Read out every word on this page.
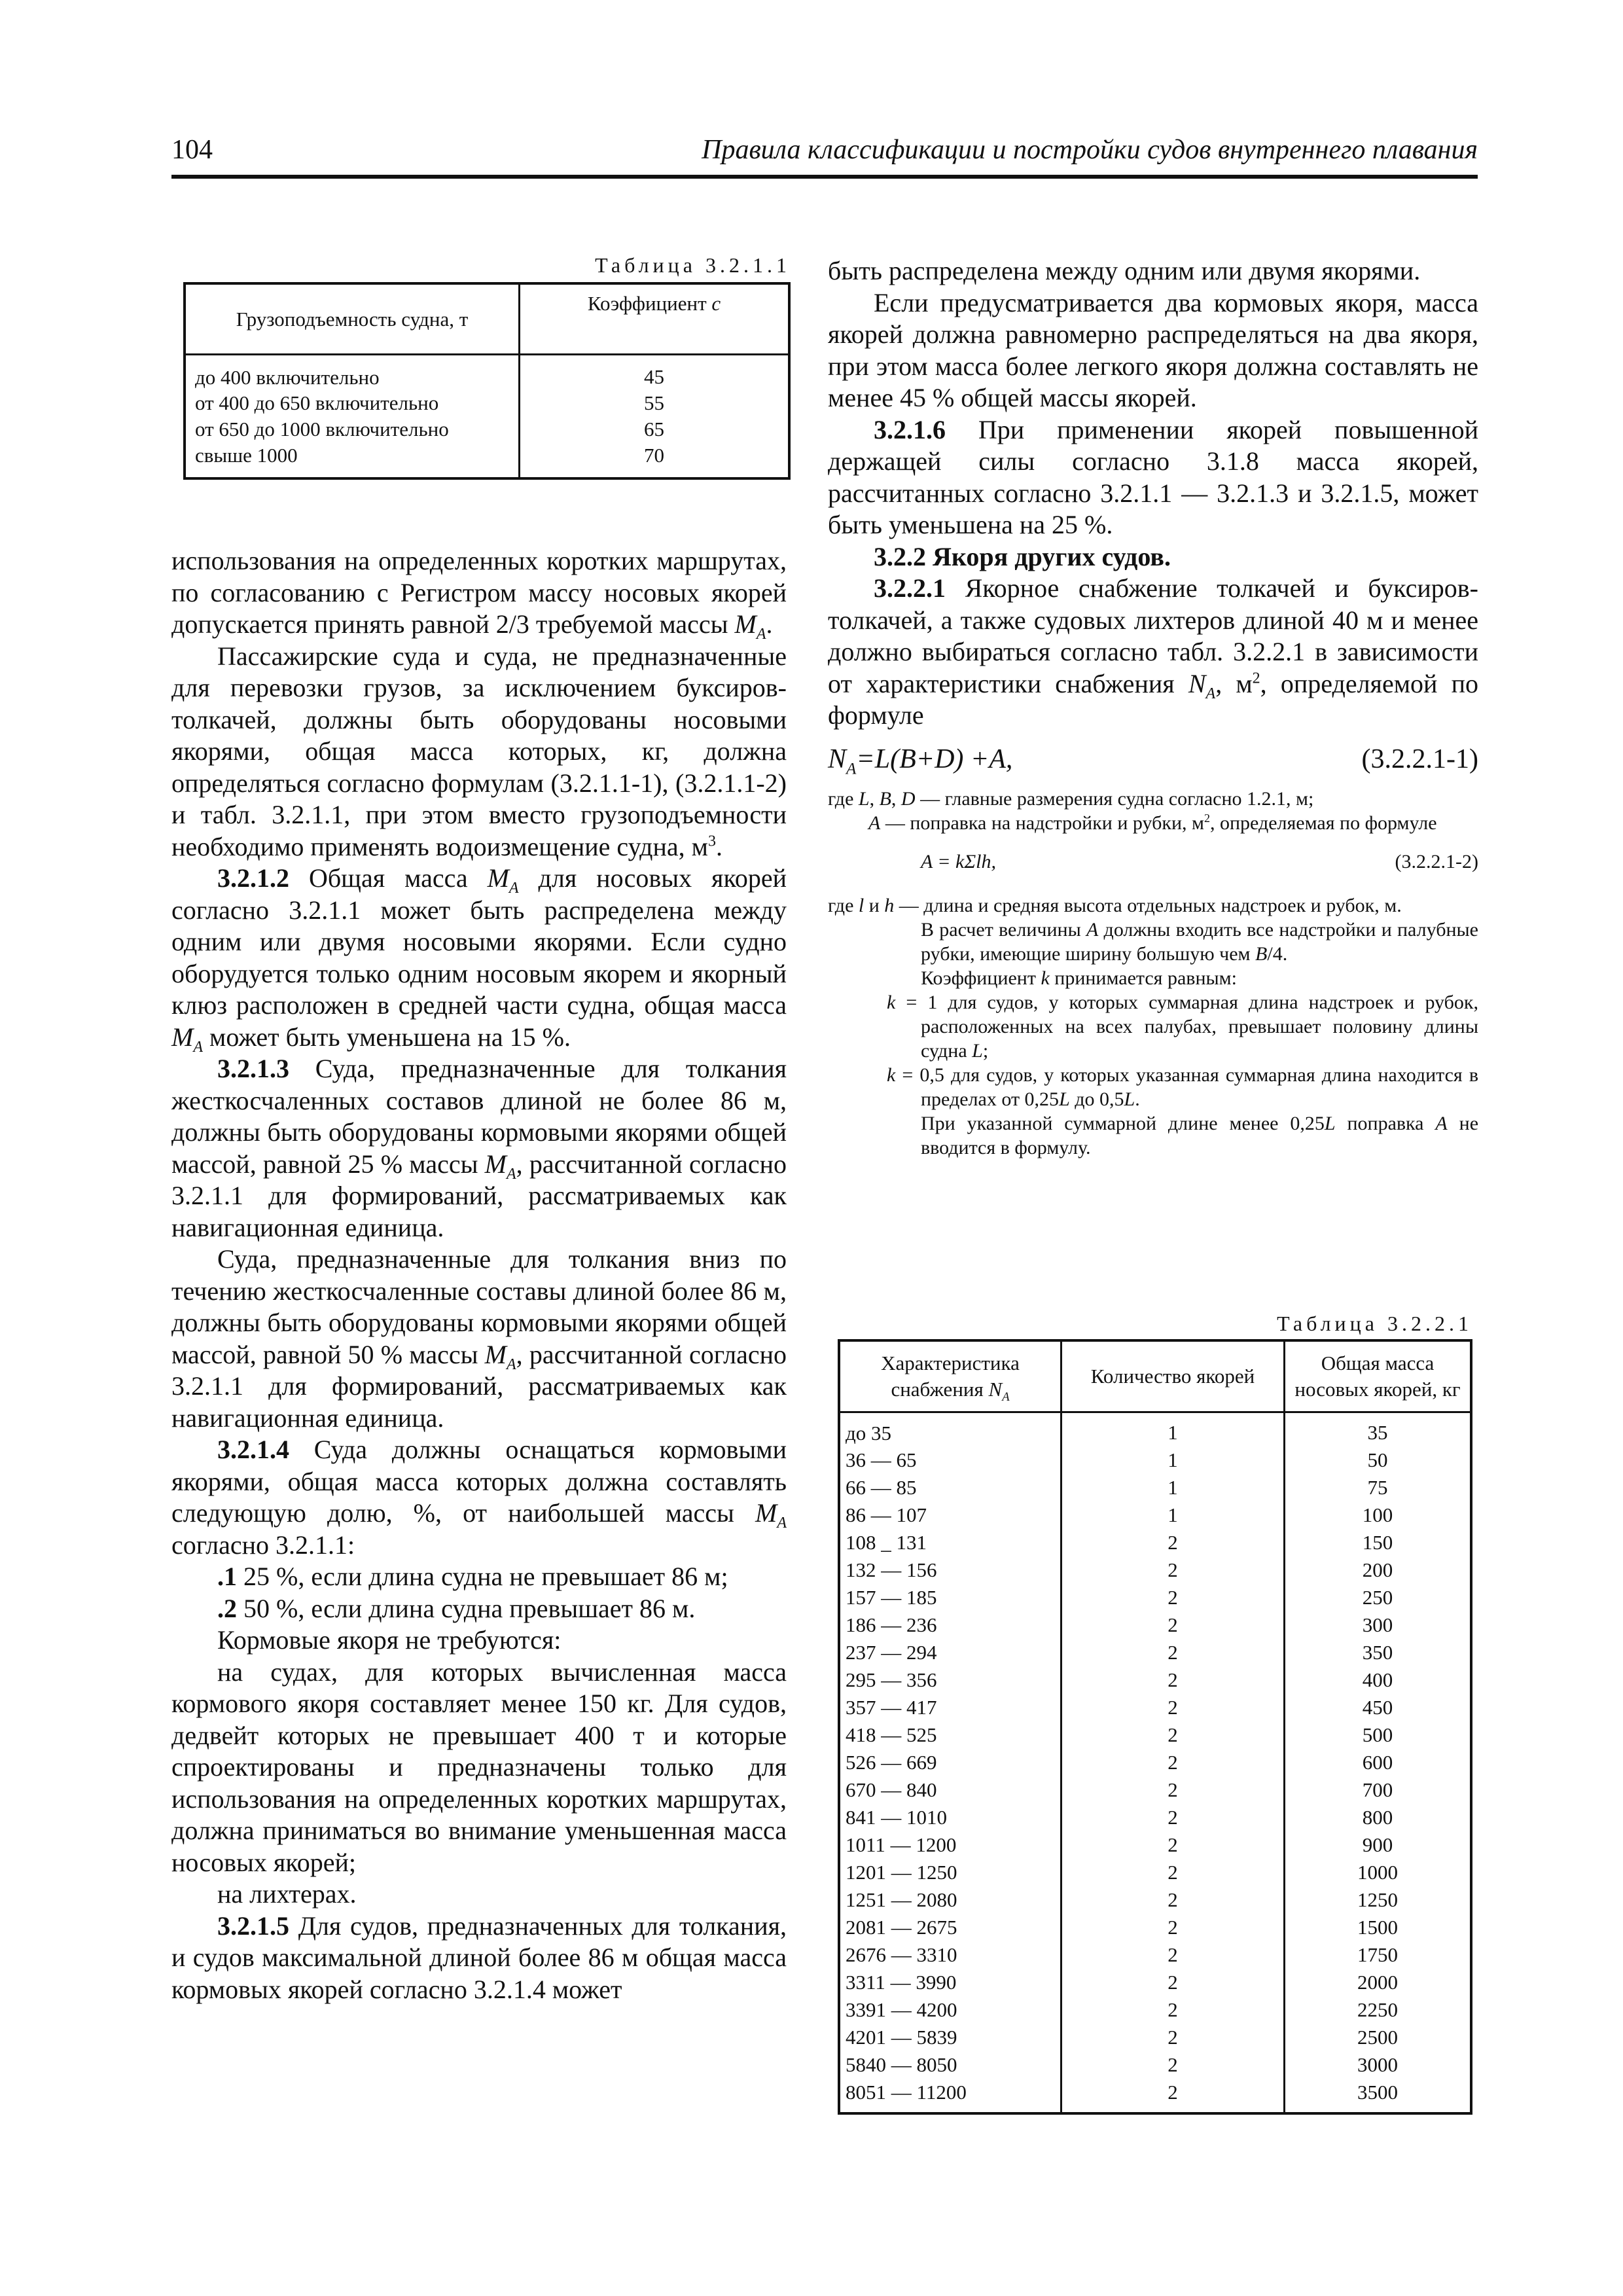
104	Правила классификации и постройки судов внутреннего плавания
Таблица 3.2.1.1
Грузоподъемность судна, т	Коэффициент c
до 400 включительно	45
от 400 до 650 включительно	55
от 650 до 1000 включительно	65
свыше 1000	70

использования на определенных коротких маршрутах, по согласованию с Регистром массу носовых якорей допускается принять равной 2/3 требуемой массы $M_A$.

Пассажирские суда и суда, не предназначенные для перевозки грузов, за исключением буксиров-толкачей, должны быть оборудованы носовыми якорями, общая масса которых, кг, должна определяться согласно формулам (3.2.1.1-1), (3.2.1.1-2) и табл. 3.2.1.1, при этом вместо грузоподъемности необходимо применять водоизмещение судна, $м^3$.

3.2.1.2 Общая масса $M_A$ для носовых якорей согласно 3.2.1.1 может быть распределена между одним или двумя носовыми якорями. Если судно оборудуется только одним носовым якорем и якорный клюз расположен в средней части судна, общая масса $M_A$ может быть уменьшена на 15 %.

3.2.1.3 Суда, предназначенные для толкания жесткосчаленных составов длиной не более 86 м, должны быть оборудованы кормовыми якорями общей массой, равной 25 % массы $M_A$, рассчитанной согласно 3.2.1.1 для формирований, рассматриваемых как навигационная единица.

Суда, предназначенные для толкания вниз по течению жесткосчаленные составы длиной более 86 м, должны быть оборудованы кормовыми якорями общей массой, равной 50 % массы $M_A$, рассчитанной согласно 3.2.1.1 для формирований, рассматриваемых как навигационная единица.

3.2.1.4 Суда должны оснащаться кормовыми якорями, общая масса которых должна составлять следующую долю, %, от наибольшей массы $M_A$ согласно 3.2.1.1:

.1 25 %, если длина судна не превышает 86 м;

.2 50 %, если длина судна превышает 86 м.

Кормовые якоря не требуются:

на судах, для которых вычисленная масса кормового якоря составляет менее 150 кг. Для судов, дедвейт которых не превышает 400 т и которые спроектированы и предназначены только для использования на определенных коротких маршрутах, должна приниматься во внимание уменьшенная масса носовых якорей;

на лихтерах.

3.2.1.5 Для судов, предназначенных для толкания, и судов максимальной длиной более 86 м общая масса кормовых якорей согласно 3.2.1.4 может

быть распределена между одним или двумя якорями.

Если предусматривается два кормовых якоря, масса якорей должна равномерно распределяться на два якоря, при этом масса более легкого якоря должна составлять не менее 45 % общей массы якорей.

3.2.1.6 При применении якорей повышенной держащей силы согласно 3.1.8 масса якорей, рассчитанных согласно 3.2.1.1 — 3.2.1.3 и 3.2.1.5, может быть уменьшена на 25 %.

3.2.2 Якоря других судов.

3.2.2.1 Якорное снабжение толкачей и буксиров-толкачей, а также судовых лихтеров длиной 40 м и менее должно выбираться согласно табл. 3.2.2.1 в зависимости от характеристики снабжения $N_A$, $м^2$, определяемой по формуле

$N_A=L(B+D) +A$,	(3.2.2.1-1)

где L, B, D — главные размерения судна согласно 1.2.1, м;

A — поправка на надстройки и рубки, $м^2$, определяемая по формуле

A = kΣlh,	(3.2.2.1-2)

где l и h — длина и средняя высота отдельных надстроек и рубок, м.

В расчет величины A должны входить все надстройки и палубные рубки, имеющие ширину большую чем B/4.

Коэффициент k принимается равным:

k = 1 для судов, у которых суммарная длина надстроек и рубок, расположенных на всех палубах, превышает половину длины судна L;

k = 0,5 для судов, у которых указанная суммарная длина находится в пределах от 0,25L до 0,5L.

При указанной суммарной длине менее 0,25L поправка A не вводится в формулу.

Таблица 3.2.2.1
Характеристика снабжения $N_A$	Количество якорей	Общая масса носовых якорей, кг
до 35	1	35
36 — 65	1	50
66 — 85	1	75
86 — 107	1	100
108 _ 131	2	150
132 — 156	2	200
157 — 185	2	250
186 — 236	2	300
237 — 294	2	350
295 — 356	2	400
357 — 417	2	450
418 — 525	2	500
526 — 669	2	600
670 — 840	2	700
841 — 1010	2	800
1011 — 1200	2	900
1201 — 1250	2	1000
1251 — 2080	2	1250
2081 — 2675	2	1500
2676 — 3310	2	1750
3311 — 3990	2	2000
3391 — 4200	2	2250
4201 — 5839	2	2500
5840 — 8050	2	3000
8051 — 11200	2	3500
